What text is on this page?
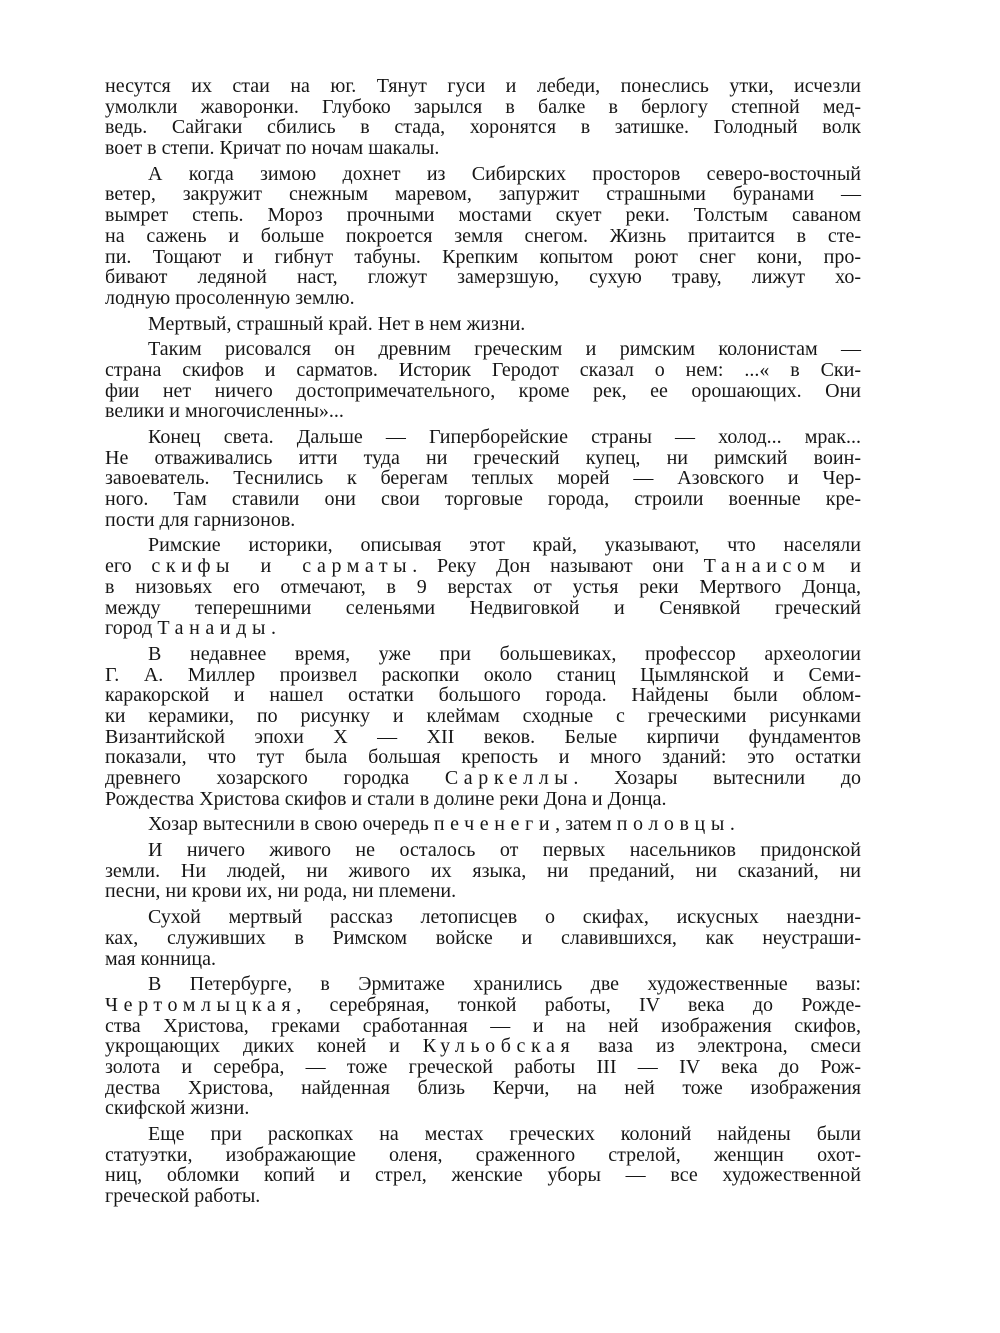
несутся их стаи на юг. Тянут гуси и лебеди, понеслись утки, исчезли
умолкли жаворонки. Глубоко зарылся в балке в берлогу степной мед-
ведь. Сайгаки сбились в стада, хоронятся в затишке. Голодный волк
воет в степи. Кричат по ночам шакалы.
А когда зимою дохнет из Сибирских просторов северо-восточный
ветер, закружит снежным маревом, запуржит страшными буранами —
вымрет степь. Мороз прочными мостами скует реки. Толстым саваном
на сажень и больше покроется земля снегом. Жизнь притаится в сте-
пи. Тощают и гибнут табуны. Крепким копытом роют снег кони, про-
бивают ледяной наст, гложут замерзшую, сухую траву, лижут хо-
лодную просоленную землю.
Мертвый, страшный край. Нет в нем жизни.
Таким рисовался он древним греческим и римским колонистам —
страна скифов и сарматов. Историк Геродот сказал о нем: ...« в Ски-
фии нет ничего достопримечательного, кроме рек, ее орошающих. Они
велики и многочисленны»...
Конец света. Дальше — Гиперборейские страны — холод... мрак...
Не отваживались итти туда ни греческий купец, ни римский воин-
завоеватель. Теснились к берегам теплых морей — Азовского и Чер-
ного. Там ставили они свои торговые города, строили военные кре-
пости для гарнизонов.
Римские историки, описывая этот край, указывают, что населяли
его скифы и сарматы. Реку Дон называют они Танаисом и
в низовьях его отмечают, в 9 верстах от устья реки Мертвого Донца,
между теперешними селеньями Недвиговкой и Сенявкой греческий
город Танаиды.
В недавнее время, уже при большевиках, профессор археологии
Г. А. Миллер произвел раскопки около станиц Цымлянской и Семи-
каракорской и нашел остатки большого города. Найдены были облом-
ки керамики, по рисунку и клеймам сходные с греческими рисунками
Византийской эпохи X — XII веков. Белые кирпичи фундаментов
показали, что тут была большая крепость и много зданий: это остатки
древнего хозарского городка Саркеллы. Хозары вытеснили до
Рождества Христова скифов и стали в долине реки Дона и Донца.
Хозар вытеснили в свою очередь печенеги, затем половцы.
И ничего живого не осталось от первых насельников придонской
земли. Ни людей, ни живого их языка, ни преданий, ни сказаний, ни
песни, ни крови их, ни рода, ни племени.
Сухой мертвый рассказ летописцев о скифах, искусных наездни-
ках, служивших в Римском войске и славившихся, как неустраши-
мая конница.
В Петербурге, в Эрмитаже хранились две художественные вазы:
Чертомлыцкая, серебряная, тонкой работы, IV века до Рожде-
ства Христова, греками сработанная — и на ней изображения скифов,
укрощающих диких коней и Кульобская ваза из электрона, смеси
золота и серебра, — тоже греческой работы III — IV века до Рож-
дества Христова, найденная близь Керчи, на ней тоже изображения
скифской жизни.
Еще при раскопках на местах греческих колоний найдены были
статуэтки, изображающие оленя, сраженного стрелой, женщин охот-
ниц, обломки копий и стрел, женские уборы — все художественной
греческой работы.
